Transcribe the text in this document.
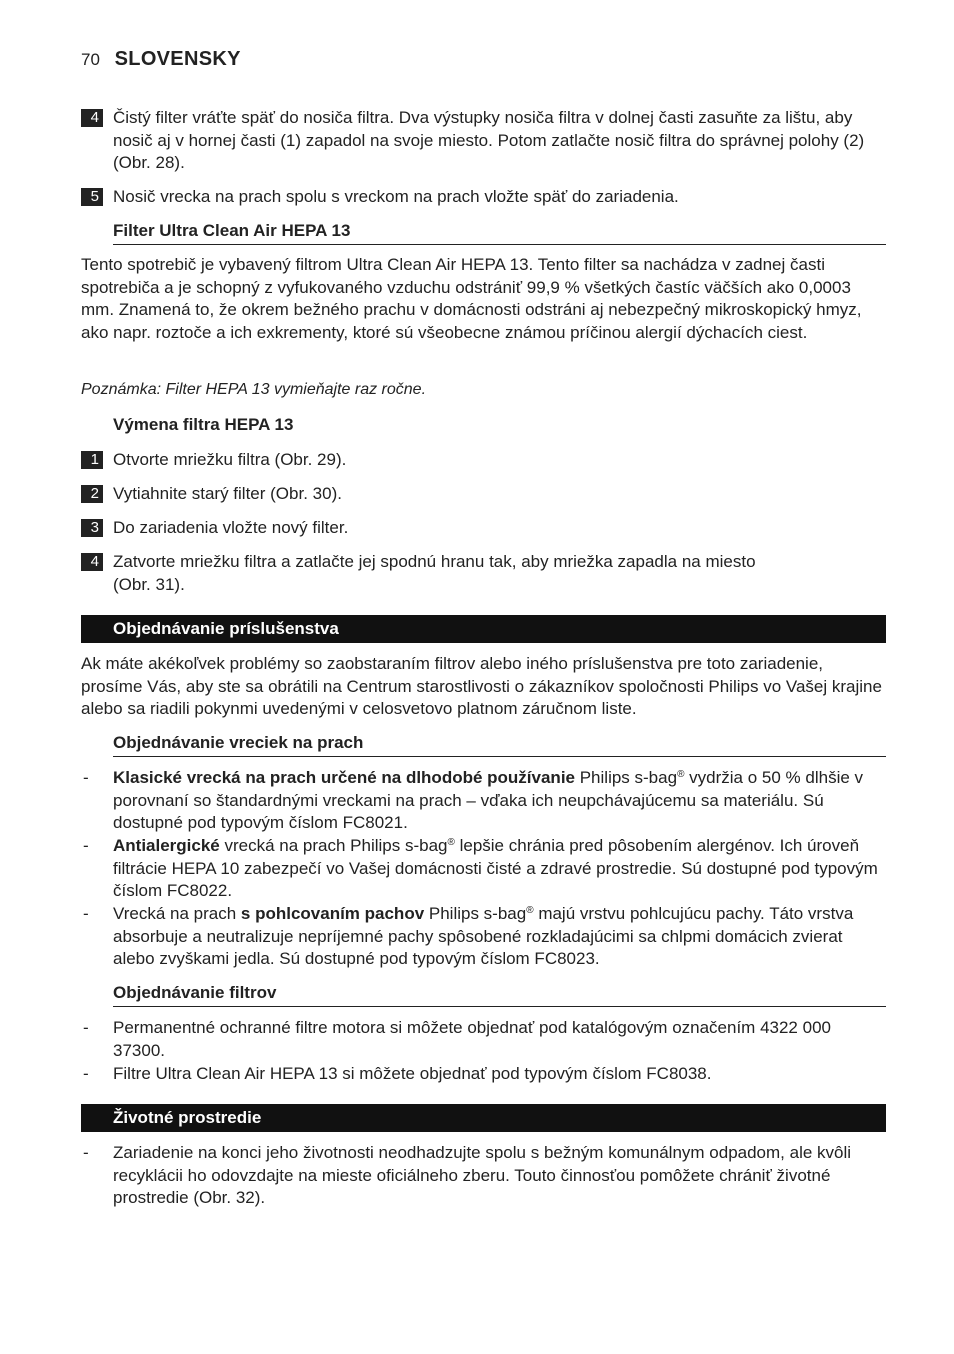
70 SLOVENSKY
4 Čistý filter vráťte späť do nosiča filtra. Dva výstupky nosiča filtra v dolnej časti zasuňte za lištu, aby nosič aj v hornej časti (1) zapadol na svoje miesto. Potom zatlačte nosič filtra do správnej polohy (2) (Obr. 28).
5 Nosič vrecka na prach spolu s vreckom na prach vložte späť do zariadenia.
Filter Ultra Clean Air HEPA 13
Tento spotrebič je vybavený filtrom Ultra Clean Air HEPA 13. Tento filter sa nachádza v zadnej časti spotrebiča a je schopný z vyfukovaného vzduchu odstrániť 99,9 % všetkých častíc väčších ako 0,0003 mm. Znamená to, že okrem bežného prachu v domácnosti odstráni aj nebezpečný mikroskopický hmyz, ako napr. roztoče a ich exkrementy, ktoré sú všeobecne známou príčinou alergií dýchacích ciest.
Poznámka: Filter HEPA 13 vymieňajte raz ročne.
Výmena filtra HEPA 13
1 Otvorte mriežku filtra (Obr. 29).
2 Vytiahnite starý filter (Obr. 30).
3 Do zariadenia vložte nový filter.
4 Zatvorte mriežku filtra a zatlačte jej spodnú hranu tak, aby mriežka zapadla na miesto (Obr. 31).
Objednávanie príslušenstva
Ak máte akékoľvek problémy so zaobstaraním filtrov alebo iného príslušenstva pre toto zariadenie, prosíme Vás, aby ste sa obrátili na Centrum starostlivosti o zákazníkov spoločnosti Philips vo Vašej krajine alebo sa riadili pokynmi uvedenými v celosvetovo platnom záručnom liste.
Objednávanie vreciek na prach
- Klasické vrecká na prach určené na dlhodobé používanie Philips s-bag® vydržia o 50 % dlhšie v porovnaní so štandardnými vreckami na prach – vďaka ich neupchávajúcemu sa materiálu. Sú dostupné pod typovým číslom FC8021.
- Antialergické vrecká na prach Philips s-bag® lepšie chránia pred pôsobením alergénov. Ich úroveň filtrácie HEPA 10 zabezpečí vo Vašej domácnosti čisté a zdravé prostredie. Sú dostupné pod typovým číslom FC8022.
- Vrecká na prach s pohlcovaním pachov Philips s-bag® majú vrstvu pohlcujúcu pachy. Táto vrstva absorbuje a neutralizuje nepríjemné pachy spôsobené rozkladajúcimi sa chlpmi domácich zvierat alebo zvyškami jedla. Sú dostupné pod typovým číslom FC8023.
Objednávanie filtrov
- Permanentné ochranné filtre motora si môžete objednať pod katalógovým označením 4322 000 37300.
- Filtre Ultra Clean Air HEPA 13 si môžete objednať pod typovým číslom FC8038.
Životné prostredie
- Zariadenie na konci jeho životnosti neodhadzujte spolu s bežným komunálnym odpadom, ale kvôli recyklácii ho odovzdajte na mieste oficiálneho zberu. Touto činnosťou pomôžete chrániť životné prostredie (Obr. 32).
